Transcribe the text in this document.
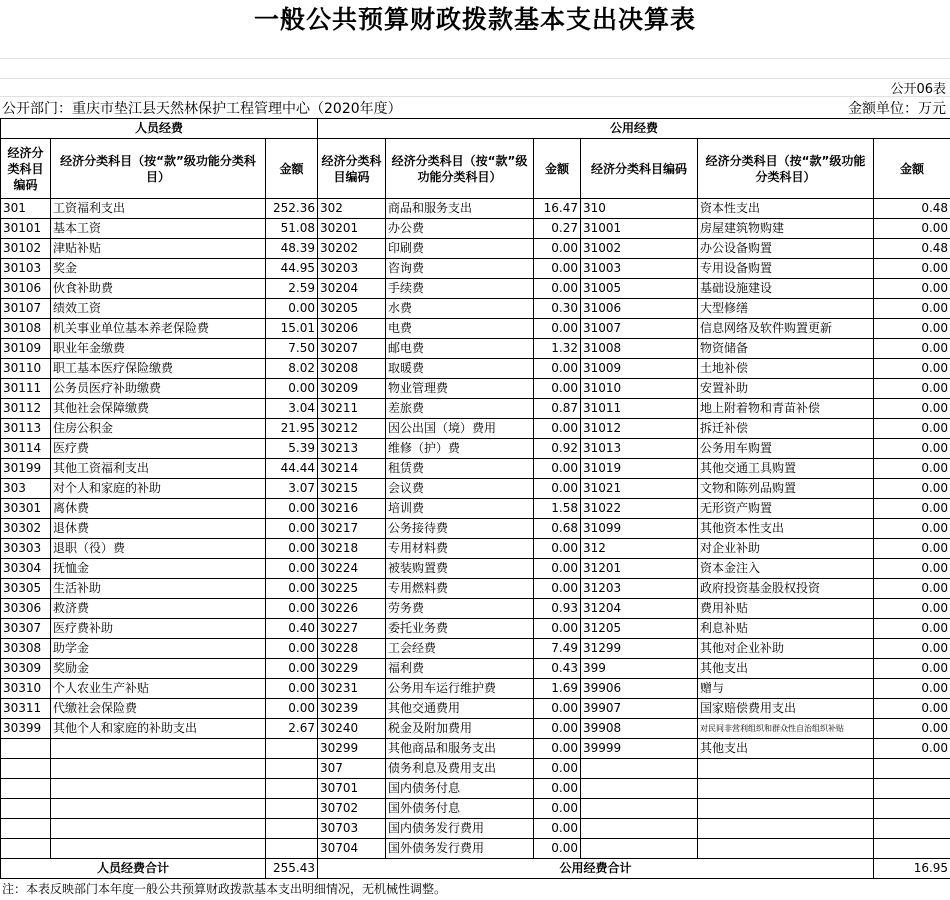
一般公共预算财政拨款基本支出决算表
公开06表
公开部门：重庆市垫江县天然林保护工程管理中心（2020年度）	金额单位：万元
人员经费			公用经费					
经济分类科目编码	经济分类科目（按“款”级功能分类科目）	金额	经济分类科目编码	经济分类科目（按“款”级功能分类科目）	金额	经济分类科目编码	经济分类科目（按“款”级功能分类科目）	金额
301	工资福利支出	252.36	302	商品和服务支出	16.47	310	资本性支出	0.48
30101	基本工资	51.08	30201	办公费	0.27	31001	房屋建筑物购建	0.00
30102	津贴补贴	48.39	30202	印刷费	0.00	31002	办公设备购置	0.48
30103	奖金	44.95	30203	咨询费	0.00	31003	专用设备购置	0.00
30106	伙食补助费	2.59	30204	手续费	0.00	31005	基础设施建设	0.00
30107	绩效工资	0.00	30205	水费	0.30	31006	大型修缮	0.00
30108	机关事业单位基本养老保险费	15.01	30206	电费	0.00	31007	信息网络及软件购置更新	0.00
30109	职业年金缴费	7.50	30207	邮电费	1.32	31008	物资储备	0.00
30110	职工基本医疗保险缴费	8.02	30208	取暖费	0.00	31009	土地补偿	0.00
30111	公务员医疗补助缴费	0.00	30209	物业管理费	0.00	31010	安置补助	0.00
30112	其他社会保障缴费	3.04	30211	差旅费	0.87	31011	地上附着物和青苗补偿	0.00
30113	住房公积金	21.95	30212	因公出国（境）费用	0.00	31012	拆迁补偿	0.00
30114	医疗费	5.39	30213	维修（护）费	0.92	31013	公务用车购置	0.00
30199	其他工资福利支出	44.44	30214	租赁费	0.00	31019	其他交通工具购置	0.00
303	对个人和家庭的补助	3.07	30215	会议费	0.00	31021	文物和陈列品购置	0.00
30301	离休费	0.00	30216	培训费	1.58	31022	无形资产购置	0.00
30302	退休费	0.00	30217	公务接待费	0.68	31099	其他资本性支出	0.00
30303	退职（役）费	0.00	30218	专用材料费	0.00	312	对企业补助	0.00
30304	抚恤金	0.00	30224	被装购置费	0.00	31201	资本金注入	0.00
30305	生活补助	0.00	30225	专用燃料费	0.00	31203	政府投资基金股权投资	0.00
30306	救济费	0.00	30226	劳务费	0.93	31204	费用补贴	0.00
30307	医疗费补助	0.40	30227	委托业务费	0.00	31205	利息补贴	0.00
30308	助学金	0.00	30228	工会经费	7.49	31299	其他对企业补助	0.00
30309	奖励金	0.00	30229	福利费	0.43	399	其他支出	0.00
30310	个人农业生产补贴	0.00	30231	公务用车运行维护费	1.69	39906	赠与	0.00
30311	代缴社会保险费	0.00	30239	其他交通费用	0.00	39907	国家赔偿费用支出	0.00
30399	其他个人和家庭的补助支出	2.67	30240	税金及附加费用	0.00	39908	对民间非营利组织和群众性自治组织补贴	0.00
			30299	其他商品和服务支出	0.00	39999	其他支出	0.00
			307	债务利息及费用支出	0.00			
			30701	国内债务付息	0.00			
			30702	国外债务付息	0.00			
			30703	国内债务发行费用	0.00			
			30704	国外债务发行费用	0.00			
人员经费合计		255.43	公用经费合计					16.95
注：本表反映部门本年度一般公共预算财政拨款基本支出明细情况，无机械性调整。
